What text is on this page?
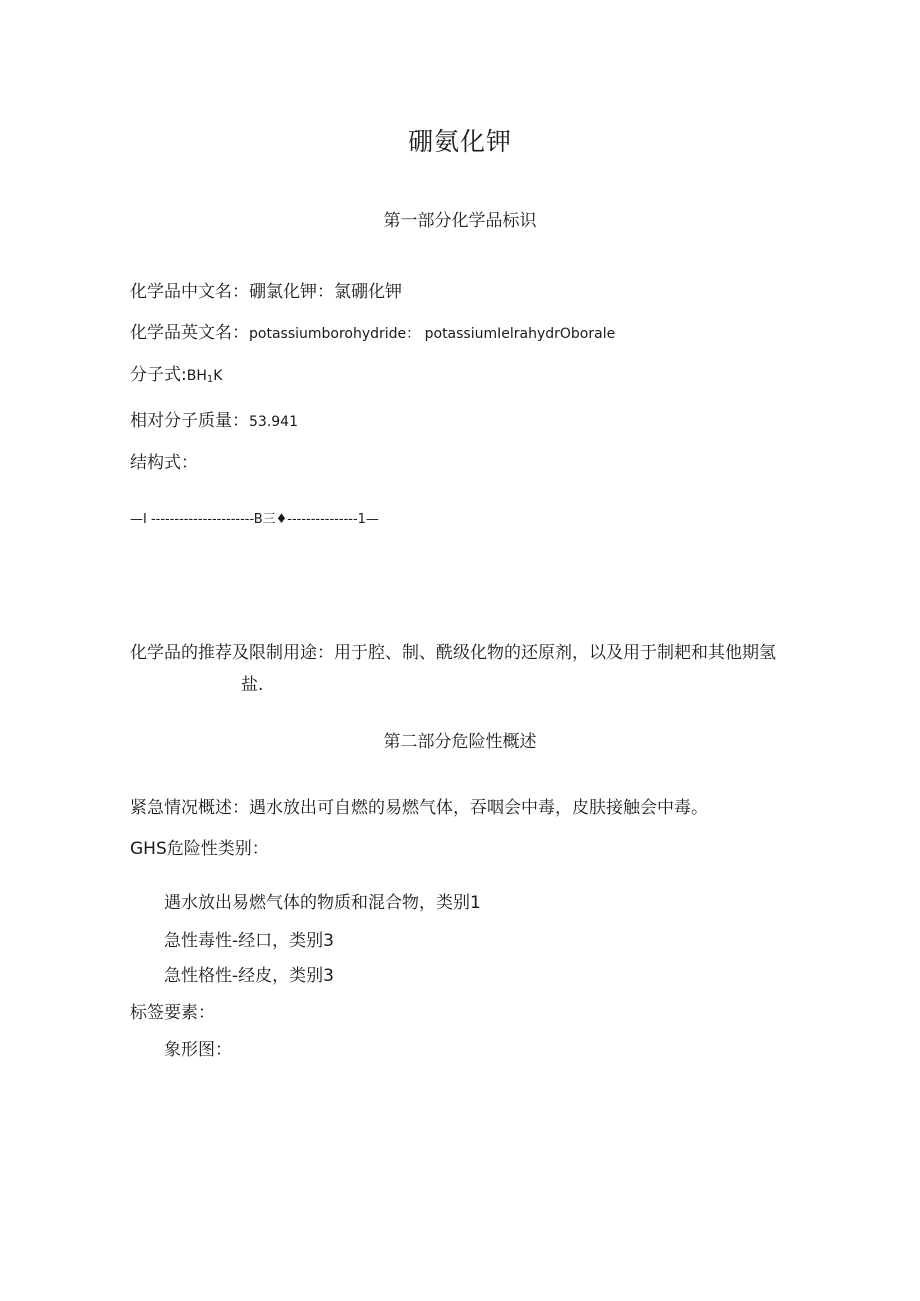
硼氨化钾
第一部分化学品标识
化学品中文名：硼氯化钾：氯硼化钾
化学品英文名：potassiumborohydride： potassiumIelrahydrOborale
分子式$:BH_1K$
相对分子质量：53.941
结构式：
—I ----------------------B三♦---------------1—
化学品的推荐及限制用途：用于腔、制、酰级化物的还原剂，以及用于制耙和其他期氢
盐.
第二部分危险性概述
紧急情况概述：遇水放出可自燃的易燃气体，吞咽会中毒，皮肤接触会中毒。
GHS危险性类别：
遇水放出易燃气体的物质和混合物，类别1
急性毒性-经口，类别3
急性格性-经皮，类别3
标签要素：
象形图：
